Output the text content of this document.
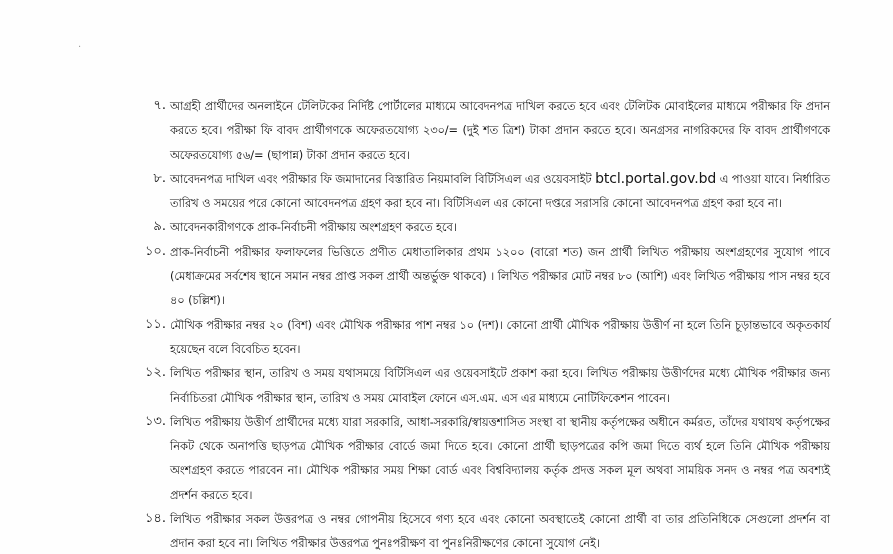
·
৭. আগ্রহী প্রার্থীদের অনলাইনে টেলিটকের নির্দিষ্ট পোর্টালের মাধ্যমে আবেদনপত্র দাখিল করতে হবে এবং টেলিটক মোবাইলের মাধ্যমে পরীক্ষার ফি প্রদান করতে হবে। পরীক্ষা ফি বাবদ প্রার্থীগণকে অফেরতযোগ্য ২৩০/= (দুই শত ত্রিশ) টাকা প্রদান করতে হবে। অনগ্রসর নাগরিকদের ফি বাবদ প্রার্থীগণকে অফেরতযোগ্য ৫৬/= (ছাপান্ন) টাকা প্রদান করতে হবে।
৮. আবেদনপত্র দাখিল এবং পরীক্ষার ফি জমাদানের বিস্তারিত নিয়মাবলি বিটিসিএল এর ওয়েবসাইট btcl.portal.gov.bd এ পাওয়া যাবে। নির্ধারিত তারিখ ও সময়ের পরে কোনো আবেদনপত্র গ্রহণ করা হবে না। বিটিসিএল এর কোনো দপ্তরে সরাসরি কোনো আবেদনপত্র গ্রহণ করা হবে না।
৯. আবেদনকারীগণকে প্রাক-নির্বাচনী পরীক্ষায় অংশগ্রহণ করতে হবে।
১০. প্রাক-নির্বাচনী পরীক্ষার ফলাফলের ভিত্তিতে প্রণীত মেধাতালিকার প্রথম ১২০০ (বারো শত) জন প্রার্থী লিখিত পরীক্ষায় অংশগ্রহণের সুযোগ পাবে (মেধাক্রমের সর্বশেষ স্থানে সমান নম্বর প্রাপ্ত সকল প্রার্থী অন্তর্ভুক্ত থাকবে) । লিখিত পরীক্ষার মোট নম্বর ৮০ (আশি) এবং লিখিত পরীক্ষায় পাস নম্বর হবে ৪০ (চল্লিশ)।
১১. মৌখিক পরীক্ষার নম্বর ২০ (বিশ) এবং মৌখিক পরীক্ষার পাশ নম্বর ১০ (দশ)। কোনো প্রার্থী মৌখিক পরীক্ষায় উত্তীর্ণ না হলে তিনি চূড়ান্তভাবে অকৃতকার্য হয়েছেন বলে বিবেচিত হবেন।
১২. লিখিত পরীক্ষার স্থান, তারিখ ও সময় যথাসময়ে বিটিসিএল এর ওয়েবসাইটে প্রকাশ করা হবে। লিখিত পরীক্ষায় উত্তীর্ণদের মধ্যে মৌখিক পরীক্ষার জন্য নির্বাচিতরা মৌখিক পরীক্ষার স্থান, তারিখ ও সময় মোবাইল ফোনে এস.এম. এস এর মাধ্যমে নোটিফিকেশন পাবেন।
১৩. লিখিত পরীক্ষায় উত্তীর্ণ প্রার্থীদের মধ্যে যারা সরকারি, আধা-সরকারি/স্বায়ত্তশাসিত সংস্থা বা স্থানীয় কর্তৃপক্ষের অধীনে কর্মরত, তাঁদের যথাযথ কর্তৃপক্ষের নিকট থেকে অনাপত্তি ছাড়পত্র মৌখিক পরীক্ষার বোর্ডে জমা দিতে হবে। কোনো প্রার্থী ছাড়পত্রের কপি জমা দিতে ব্যর্থ হলে তিনি মৌখিক পরীক্ষায় অংশগ্রহণ করতে পারবেন না। মৌখিক পরীক্ষার সময় শিক্ষা বোর্ড এবং বিশ্ববিদ্যালয় কর্তৃক প্রদত্ত সকল মূল অথবা সাময়িক সনদ ও নম্বর পত্র অবশ্যই প্রদর্শন করতে হবে।
১৪. লিখিত পরীক্ষার সকল উত্তরপত্র ও নম্বর গোপনীয় হিসেবে গণ্য হবে এবং কোনো অবস্থাতেই কোনো প্রার্থী বা তার প্রতিনিধিকে সেগুলো প্রদর্শন বা প্রদান করা হবে না। লিখিত পরীক্ষার উত্তরপত্র পুনঃপরীক্ষণ বা পুনঃনিরীক্ষণের কোনো সুযোগ নেই।
